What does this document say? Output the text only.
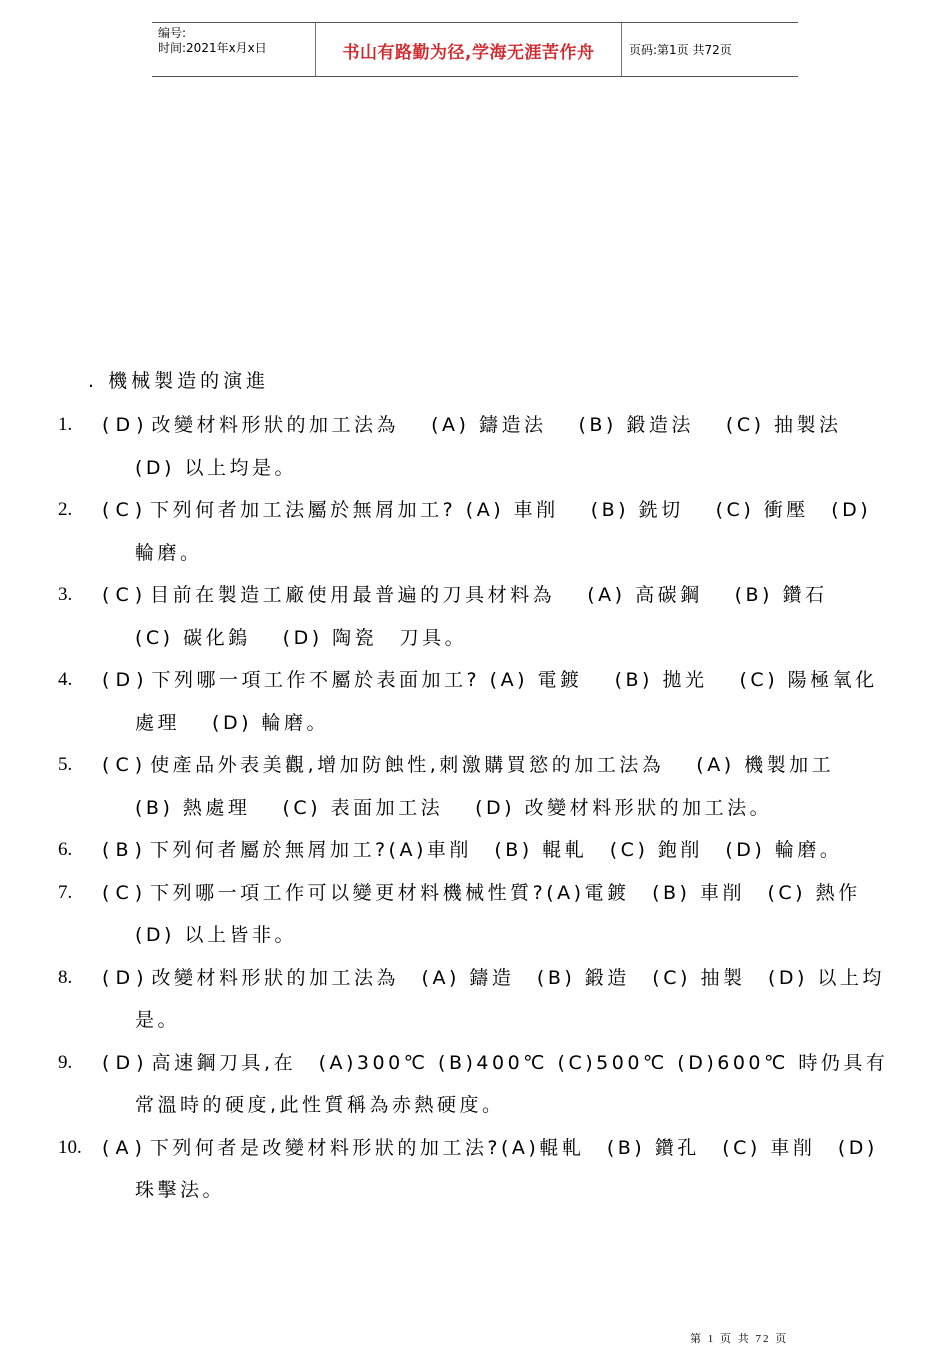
编号:
时间:2021年x月x日	书山有路勤为径,学海无涯苦作舟	页码:第1页 共72页
. 機械製造的演進
1. ( D ) 改變材料形狀的加工法為　 (A) 鑄造法　 (B) 鍛造法　 (C) 抽製法　 (D) 以上均是。
2. ( C ) 下列何者加工法屬於無屑加工? (A) 車削　 (B) 銑切　 (C) 衝壓　(D) 輪磨。
3. ( C ) 目前在製造工廠使用最普遍的刀具材料為　 (A) 高碳鋼　 (B) 鑽石　 (C) 碳化鎢　 (D) 陶瓷　刀具。
4. ( D ) 下列哪一項工作不屬於表面加工? (A) 電鍍　 (B) 拋光　 (C) 陽極氧化處理　 (D) 輪磨。
5. ( C ) 使產品外表美觀,增加防蝕性,刺激購買慾的加工法為　 (A) 機製加工　 (B) 熱處理　 (C) 表面加工法　 (D) 改變材料形狀的加工法。
6. ( B ) 下列何者屬於無屑加工?(A)車削　(B) 輥軋　(C) 鉋削　(D) 輪磨。
7. ( C ) 下列哪一項工作可以變更材料機械性質?(A)電鍍　(B) 車削　(C) 熱作　(D) 以上皆非。
8. ( D ) 改變材料形狀的加工法為　(A) 鑄造　(B) 鍛造　(C) 抽製　(D) 以上均是。
9. ( D ) 高速鋼刀具,在　(A)300℃ (B)400℃ (C)500℃ (D)600℃ 時仍具有常溫時的硬度,此性質稱為赤熱硬度。
10. ( A ) 下列何者是改變材料形狀的加工法?(A)輥軋　(B) 鑽孔　(C) 車削　(D) 珠擊法。
第 1 页 共 72 页
